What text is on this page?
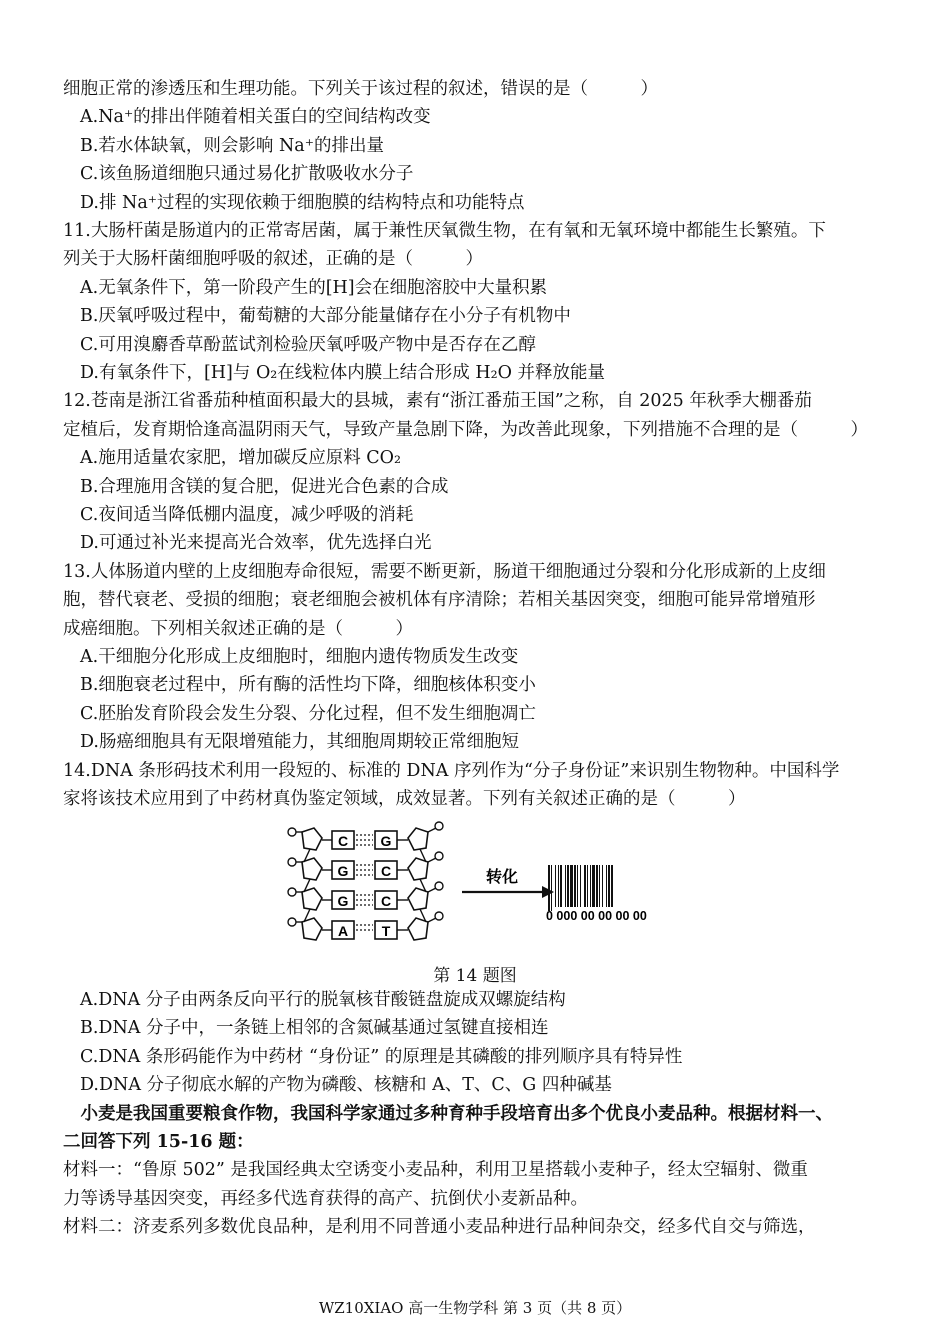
细胞正常的渗透压和生理功能。下列关于该过程的叙述，错误的是（　　　）
A.Na⁺的排出伴随着相关蛋白的空间结构改变
B.若水体缺氧，则会影响 Na⁺的排出量
C.该鱼肠道细胞只通过易化扩散吸收水分子
D.排 Na⁺过程的实现依赖于细胞膜的结构特点和功能特点
11.大肠杆菌是肠道内的正常寄居菌，属于兼性厌氧微生物，在有氧和无氧环境中都能生长繁殖。下
列关于大肠杆菌细胞呼吸的叙述，正确的是（　　　）
A.无氧条件下，第一阶段产生的[H]会在细胞溶胶中大量积累
B.厌氧呼吸过程中，葡萄糖的大部分能量储存在小分子有机物中
C.可用溴麝香草酚蓝试剂检验厌氧呼吸产物中是否存在乙醇
D.有氧条件下，[H]与 O₂在线粒体内膜上结合形成 H₂O 并释放能量
12.苍南是浙江省番茄种植面积最大的县城，素有“浙江番茄王国”之称，自 2025 年秋季大棚番茄
定植后，发育期恰逢高温阴雨天气，导致产量急剧下降，为改善此现象，下列措施不合理的是（　　　）
A.施用适量农家肥，增加碳反应原料 CO₂
B.合理施用含镁的复合肥，促进光合色素的合成
C.夜间适当降低棚内温度，减少呼吸的消耗
D.可通过补光来提高光合效率，优先选择白光
13.人体肠道内壁的上皮细胞寿命很短，需要不断更新，肠道干细胞通过分裂和分化形成新的上皮细
胞，替代衰老、受损的细胞；衰老细胞会被机体有序清除；若相关基因突变，细胞可能异常增殖形
成癌细胞。下列相关叙述正确的是（　　　）
A.干细胞分化形成上皮细胞时，细胞内遗传物质发生改变
B.细胞衰老过程中，所有酶的活性均下降，细胞核体积变小
C.胚胎发育阶段会发生分裂、分化过程，但不发生细胞凋亡
D.肠癌细胞具有无限增殖能力，其细胞周期较正常细胞短
14.DNA 条形码技术利用一段短的、标准的 DNA 序列作为“分子身份证”来识别生物物种。中国科学
家将该技术应用到了中药材真伪鉴定领域，成效显著。下列有关叙述正确的是（　　　）
C G
G C
G C
A T
转化
0 000 00 00 00 00
第 14 题图
A.DNA 分子由两条反向平行的脱氧核苷酸链盘旋成双螺旋结构
B.DNA 分子中，一条链上相邻的含氮碱基通过氢键直接相连
C.DNA 条形码能作为中药材 “身份证” 的原理是其磷酸的排列顺序具有特异性
D.DNA 分子彻底水解的产物为磷酸、核糖和 A、T、C、G 四种碱基
　小麦是我国重要粮食作物，我国科学家通过多种育种手段培育出多个优良小麦品种。根据材料一、
二回答下列 15-16 题：
材料一：“鲁原 502” 是我国经典太空诱变小麦品种，利用卫星搭载小麦种子，经太空辐射、微重
力等诱导基因突变，再经多代选育获得的高产、抗倒伏小麦新品种。
材料二：济麦系列多数优良品种，是利用不同普通小麦品种进行品种间杂交，经多代自交与筛选，
WZ10XIAO 高一生物学科 第 3 页（共 8 页）
